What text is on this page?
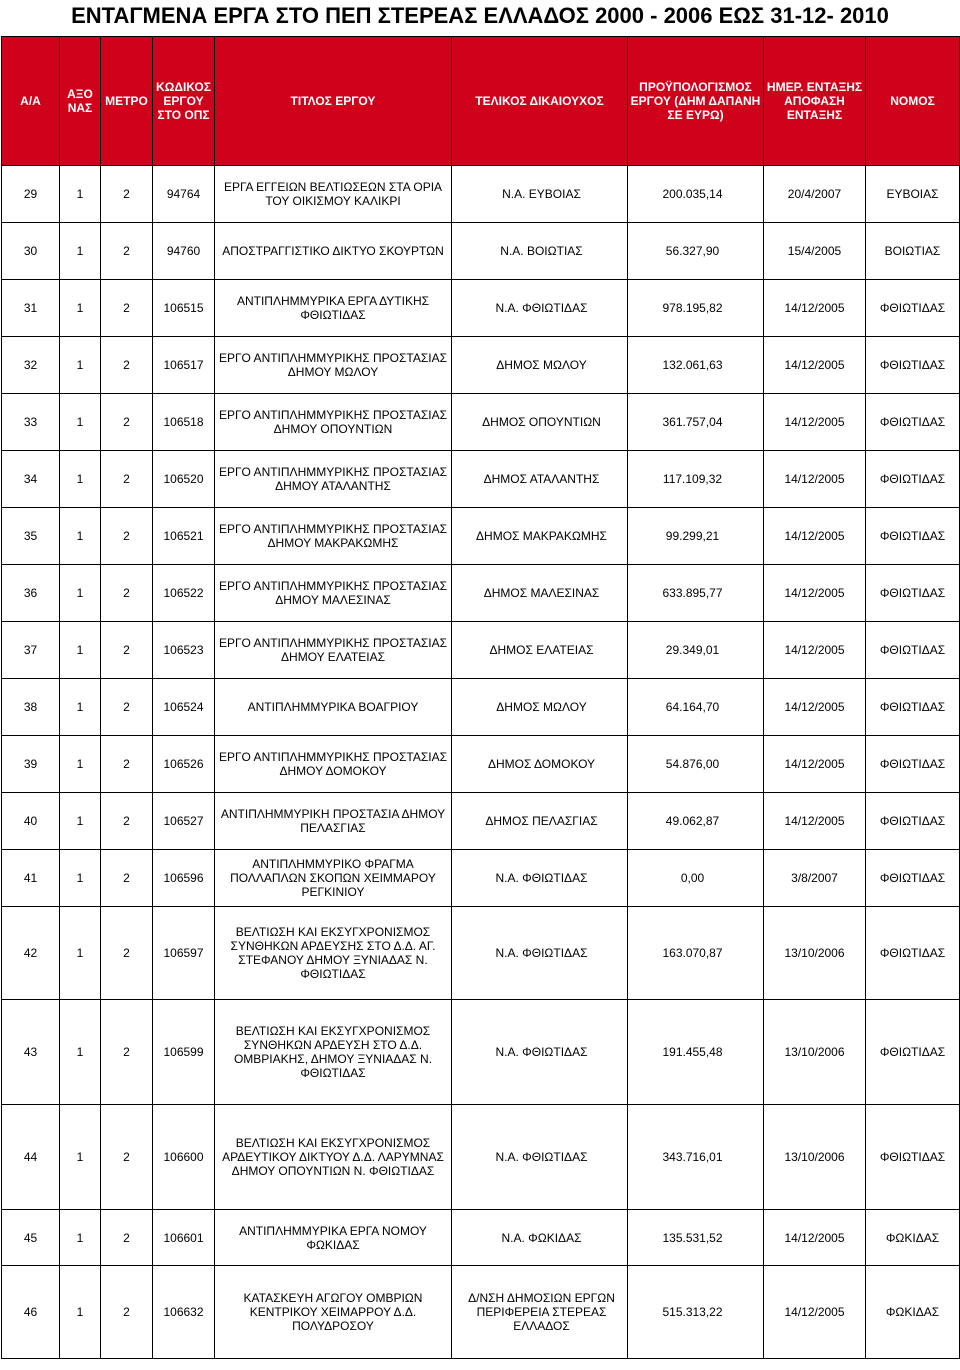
ΕΝΤΑΓΜΕΝΑ ΕΡΓΑ ΣΤΟ ΠΕΠ ΣΤΕΡΕΑΣ ΕΛΛΑΔΟΣ 2000 - 2006 ΕΩΣ 31-12- 2010
Α/Α	ΑΞΟ ΝΑΣ	ΜΕΤΡΟ	ΚΩΔΙΚΟΣ ΕΡΓΟΥ ΣΤΟ ΟΠΣ	ΤΙΤΛΟΣ ΕΡΓΟΥ	ΤΕΛΙΚΟΣ ΔΙΚΑΙΟΥΧΟΣ	ΠΡΟΫΠΟΛΟΓΙΣΜΟΣ ΕΡΓΟΥ (ΔΗΜ ΔΑΠΑΝΗ ΣΕ ΕΥΡΩ)	ΗΜΕΡ. ΕΝΤΑΞΗΣ ΑΠΟΦΑΣΗ ΕΝΤΑΞΗΣ	ΝΟΜΟΣ
29	1	2	94764	ΕΡΓΑ ΕΓΓΕΙΩΝ ΒΕΛΤΙΩΣΕΩΝ ΣΤΑ ΟΡΙΑ ΤΟΥ ΟΙΚΙΣΜΟΥ ΚΑΛΙΚΡΙ	Ν.Α. ΕΥΒΟΙΑΣ	200.035,14	20/4/2007	ΕΥΒΟΙΑΣ
30	1	2	94760	ΑΠΟΣΤΡΑΓΓΙΣΤΙΚΟ ΔΙΚΤΥΟ ΣΚΟΥΡΤΩΝ	Ν.Α. ΒΟΙΩΤΙΑΣ	56.327,90	15/4/2005	ΒΟΙΩΤΙΑΣ
31	1	2	106515	ΑΝΤΙΠΛΗΜΜΥΡΙΚΑ ΕΡΓΑ ΔΥΤΙΚΗΣ ΦΘΙΩΤΙΔΑΣ	Ν.Α. ΦΘΙΩΤΙΔΑΣ	978.195,82	14/12/2005	ΦΘΙΩΤΙΔΑΣ
32	1	2	106517	ΕΡΓΟ ΑΝΤΙΠΛΗΜΜΥΡΙΚΗΣ ΠΡΟΣΤΑΣΙΑΣ ΔΗΜΟΥ ΜΩΛΟΥ	ΔΗΜΟΣ ΜΩΛΟΥ	132.061,63	14/12/2005	ΦΘΙΩΤΙΔΑΣ
33	1	2	106518	ΕΡΓΟ ΑΝΤΙΠΛΗΜΜΥΡΙΚΗΣ ΠΡΟΣΤΑΣΙΑΣ ΔΗΜΟΥ ΟΠΟΥΝΤΙΩΝ	ΔΗΜΟΣ ΟΠΟΥΝΤΙΩΝ	361.757,04	14/12/2005	ΦΘΙΩΤΙΔΑΣ
34	1	2	106520	ΕΡΓΟ ΑΝΤΙΠΛΗΜΜΥΡΙΚΗΣ ΠΡΟΣΤΑΣΙΑΣ ΔΗΜΟΥ ΑΤΑΛΑΝΤΗΣ	ΔΗΜΟΣ ΑΤΑΛΑΝΤΗΣ	117.109,32	14/12/2005	ΦΘΙΩΤΙΔΑΣ
35	1	2	106521	ΕΡΓΟ ΑΝΤΙΠΛΗΜΜΥΡΙΚΗΣ ΠΡΟΣΤΑΣΙΑΣ ΔΗΜΟΥ ΜΑΚΡΑΚΩΜΗΣ	ΔΗΜΟΣ ΜΑΚΡΑΚΩΜΗΣ	99.299,21	14/12/2005	ΦΘΙΩΤΙΔΑΣ
36	1	2	106522	ΕΡΓΟ ΑΝΤΙΠΛΗΜΜΥΡΙΚΗΣ ΠΡΟΣΤΑΣΙΑΣ ΔΗΜΟΥ ΜΑΛΕΣΙΝΑΣ	ΔΗΜΟΣ ΜΑΛΕΣΙΝΑΣ	633.895,77	14/12/2005	ΦΘΙΩΤΙΔΑΣ
37	1	2	106523	ΕΡΓΟ ΑΝΤΙΠΛΗΜΜΥΡΙΚΗΣ ΠΡΟΣΤΑΣΙΑΣ ΔΗΜΟΥ ΕΛΑΤΕΙΑΣ	ΔΗΜΟΣ ΕΛΑΤΕΙΑΣ	29.349,01	14/12/2005	ΦΘΙΩΤΙΔΑΣ
38	1	2	106524	ΑΝΤΙΠΛΗΜΜΥΡΙΚΑ ΒΟΑΓΡΙΟΥ	ΔΗΜΟΣ ΜΩΛΟΥ	64.164,70	14/12/2005	ΦΘΙΩΤΙΔΑΣ
39	1	2	106526	ΕΡΓΟ ΑΝΤΙΠΛΗΜΜΥΡΙΚΗΣ ΠΡΟΣΤΑΣΙΑΣ ΔΗΜΟΥ ΔΟΜΟΚΟΥ	ΔΗΜΟΣ ΔΟΜΟΚΟΥ	54.876,00	14/12/2005	ΦΘΙΩΤΙΔΑΣ
40	1	2	106527	ΑΝΤΙΠΛΗΜΜΥΡΙΚΗ ΠΡΟΣΤΑΣΙΑ ΔΗΜΟΥ ΠΕΛΑΣΓΙΑΣ	ΔΗΜΟΣ ΠΕΛΑΣΓΙΑΣ	49.062,87	14/12/2005	ΦΘΙΩΤΙΔΑΣ
41	1	2	106596	ΑΝΤΙΠΛΗΜΜΥΡΙΚΟ ΦΡΑΓΜΑ ΠΟΛΛΑΠΛΩΝ ΣΚΟΠΩΝ ΧΕΙΜΜΑΡΟΥ ΡΕΓΚΙΝΙΟΥ	Ν.Α. ΦΘΙΩΤΙΔΑΣ	0,00	3/8/2007	ΦΘΙΩΤΙΔΑΣ
42	1	2	106597	ΒΕΛΤΙΩΣΗ ΚΑΙ ΕΚΣΥΓΧΡΟΝΙΣΜΟΣ ΣΥΝΘΗΚΩΝ ΑΡΔΕΥΣΗΣ ΣΤΟ Δ.Δ. ΑΓ. ΣΤΕΦΑΝΟΥ ΔΗΜΟΥ ΞΥΝΙΑΔΑΣ Ν. ΦΘΙΩΤΙΔΑΣ	Ν.Α. ΦΘΙΩΤΙΔΑΣ	163.070,87	13/10/2006	ΦΘΙΩΤΙΔΑΣ
43	1	2	106599	ΒΕΛΤΙΩΣΗ ΚΑΙ ΕΚΣΥΓΧΡΟΝΙΣΜΟΣ ΣΥΝΘΗΚΩΝ ΑΡΔΕΥΣΗ ΣΤΟ Δ.Δ. ΟΜΒΡΙΑΚΗΣ, ΔΗΜΟΥ ΞΥΝΙΑΔΑΣ Ν. ΦΘΙΩΤΙΔΑΣ	Ν.Α. ΦΘΙΩΤΙΔΑΣ	191.455,48	13/10/2006	ΦΘΙΩΤΙΔΑΣ
44	1	2	106600	ΒΕΛΤΙΩΣΗ ΚΑΙ ΕΚΣΥΓΧΡΟΝΙΣΜΟΣ ΑΡΔΕΥΤΙΚΟΥ ΔΙΚΤΥΟΥ Δ.Δ. ΛΑΡΥΜΝΑΣ ΔΗΜΟΥ ΟΠΟΥΝΤΙΩΝ Ν. ΦΘΙΩΤΙΔΑΣ	Ν.Α. ΦΘΙΩΤΙΔΑΣ	343.716,01	13/10/2006	ΦΘΙΩΤΙΔΑΣ
45	1	2	106601	ΑΝΤΙΠΛΗΜΜΥΡΙΚΑ ΕΡΓΑ ΝΟΜΟΥ ΦΩΚΙΔΑΣ	Ν.Α. ΦΩΚΙΔΑΣ	135.531,52	14/12/2005	ΦΩΚΙΔΑΣ
46	1	2	106632	ΚΑΤΑΣΚΕΥΗ ΑΓΩΓΟΥ ΟΜΒΡΙΩΝ ΚΕΝΤΡΙΚΟΥ ΧΕΙΜΑΡΡΟΥ Δ.Δ. ΠΟΛΥΔΡΟΣΟΥ	Δ/ΝΣΗ ΔΗΜΟΣΙΩΝ ΕΡΓΩΝ ΠΕΡΙΦΕΡΕΙΑ ΣΤΕΡΕΑΣ ΕΛΛΑΔΟΣ	515.313,22	14/12/2005	ΦΩΚΙΔΑΣ
